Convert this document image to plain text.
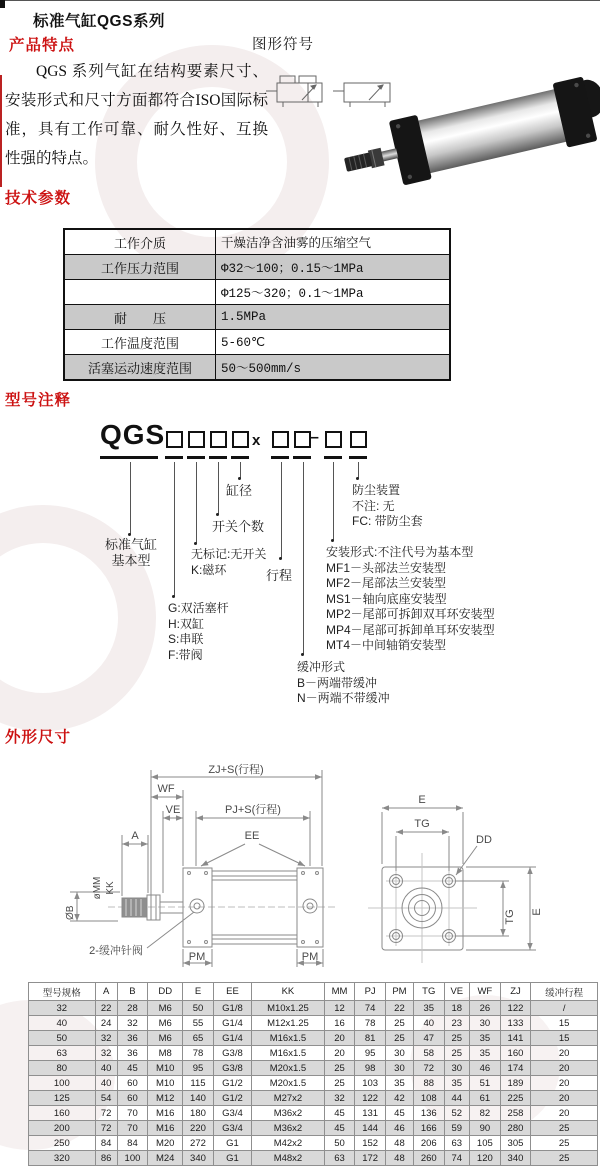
标准气缸QGS系列
产品特点	图形符号
QGS 系列气缸在结构要素尺寸、安装形式和尺寸方面都符合ISO国际标准，具有工作可靠、耐久性好、互换性强的特点。
技术参数
工作介质	干燥洁净含油雾的压缩空气
工作压力范围	Φ32～100；0.15～1MPa
Φ125～320；0.1～1MPa
耐　　压	1.5MPa
工作温度范围	5-60℃
活塞运动速度范围	50～500mm/s
型号注释
QGS	x	–
标准气缸
基本型
G:双活塞杆
H:双缸
S:串联
F:带阀
无标记:无开关
K:磁环
开关个数
缸径
行程
缓冲形式
B－两端带缓冲
N－两端不带缓冲
安装形式:不注代号为基本型
MF1－头部法兰安装型
MF2－尾部法兰安装型
MS1－轴向底座安装型
MP2－尾部可拆卸双耳环安装型
MP4－尾部可拆卸单耳环安装型
MT4－中间轴销安装型
防尘装置
不注: 无
FC: 带防尘套
外形尺寸
ZJ+S(行程)
WF
VE	PJ+S(行程)
A	EE
PM	PM
øMM KK
ØB
E
TG
DD
TG E
2-缓冲针阀
型号规格	A	B	DD	E	EE	KK	MM	PJ	PM	TG	VE	WF	ZJ	缓冲行程
32	22	28	M6	50	G1/8	M10x1.25	12	74	22	35	18	26	122	/
40	24	32	M6	55	G1/4	M12x1.25	16	78	25	40	23	30	133	15
50	32	36	M6	65	G1/4	M16x1.5	20	81	25	47	25	35	141	15
63	32	36	M8	78	G3/8	M16x1.5	20	95	30	58	25	35	160	20
80	40	45	M10	95	G3/8	M20x1.5	25	98	30	72	30	46	174	20
100	40	60	M10	115	G1/2	M20x1.5	25	103	35	88	35	51	189	20
125	54	60	M12	140	G1/2	M27x2	32	122	42	108	44	61	225	20
160	72	70	M16	180	G3/4	M36x2	45	131	45	136	52	82	258	20
200	72	70	M16	220	G3/4	M36x2	45	144	46	166	59	90	280	25
250	84	84	M20	272	G1	M42x2	50	152	48	206	63	105	305	25
320	86	100	M24	340	G1	M48x2	63	172	48	260	74	120	340	25
